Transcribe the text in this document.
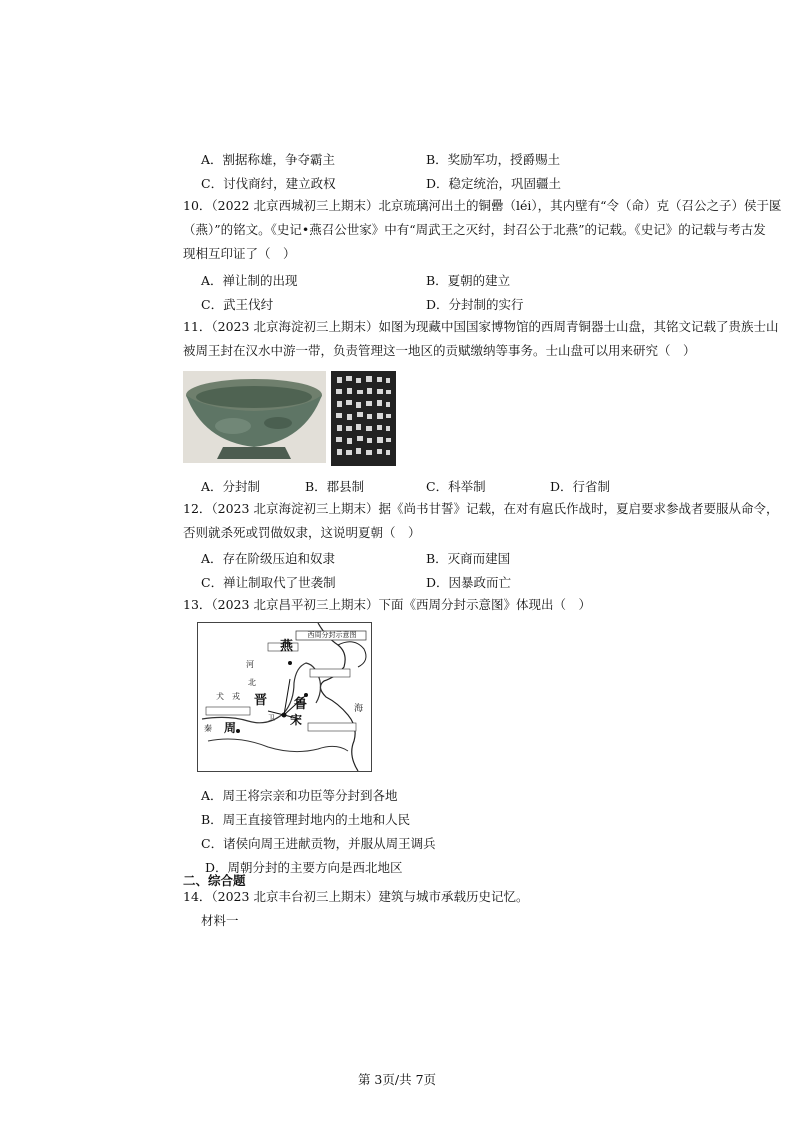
A．割据称雄，争夺霸主	B．奖励军功，授爵赐土
C．讨伐商纣，建立政权	D．稳定统治，巩固疆土
10．（2022 北京西城初三上期末）北京琉璃河出土的铜罍（léi），其内壁有“令（命）克（召公之子）侯于匽
（燕）”的铭文。《史记•燕召公世家》中有“周武王之灭纣，封召公于北燕”的记载。《史记》的记载与考古发
现相互印证了（　）
A．禅让制的出现	B．夏朝的建立
C．武王伐纣	D．分封制的实行
11．（2023 北京海淀初三上期末）如图为现藏中国国家博物馆的西周青铜器士山盘，其铭文记载了贵族士山
被周王封在汉水中游一带，负责管理这一地区的贡赋缴纳等事务。士山盘可以用来研究（　）
A．分封制	B．郡县制	C．科举制	D．行省制
12．（2023 北京海淀初三上期末）据《尚书甘誓》记载，在对有扈氏作战时，夏启要求参战者要服从命令，
否则就杀死或罚做奴隶，这说明夏朝（　）
A．存在阶级压迫和奴隶	B．灭商而建国
C．禅让制取代了世袭制	D．因暴政而亡
13．（2023 北京昌平初三上期末）下面《西周分封示意图》体现出（　）
西周分封示意图
燕
晋 鲁
宋
周
秦
犬 戎
北
河
海
卫
A．周王将宗亲和功臣等分封到各地
B．周王直接管理封地内的土地和人民
C．诸侯向周王进献贡物，并服从周王调兵
D．周朝分封的主要方向是西北地区
二、综合题
14．（2023 北京丰台初三上期末）建筑与城市承载历史记忆。
材料一
第 3页/共 7页
